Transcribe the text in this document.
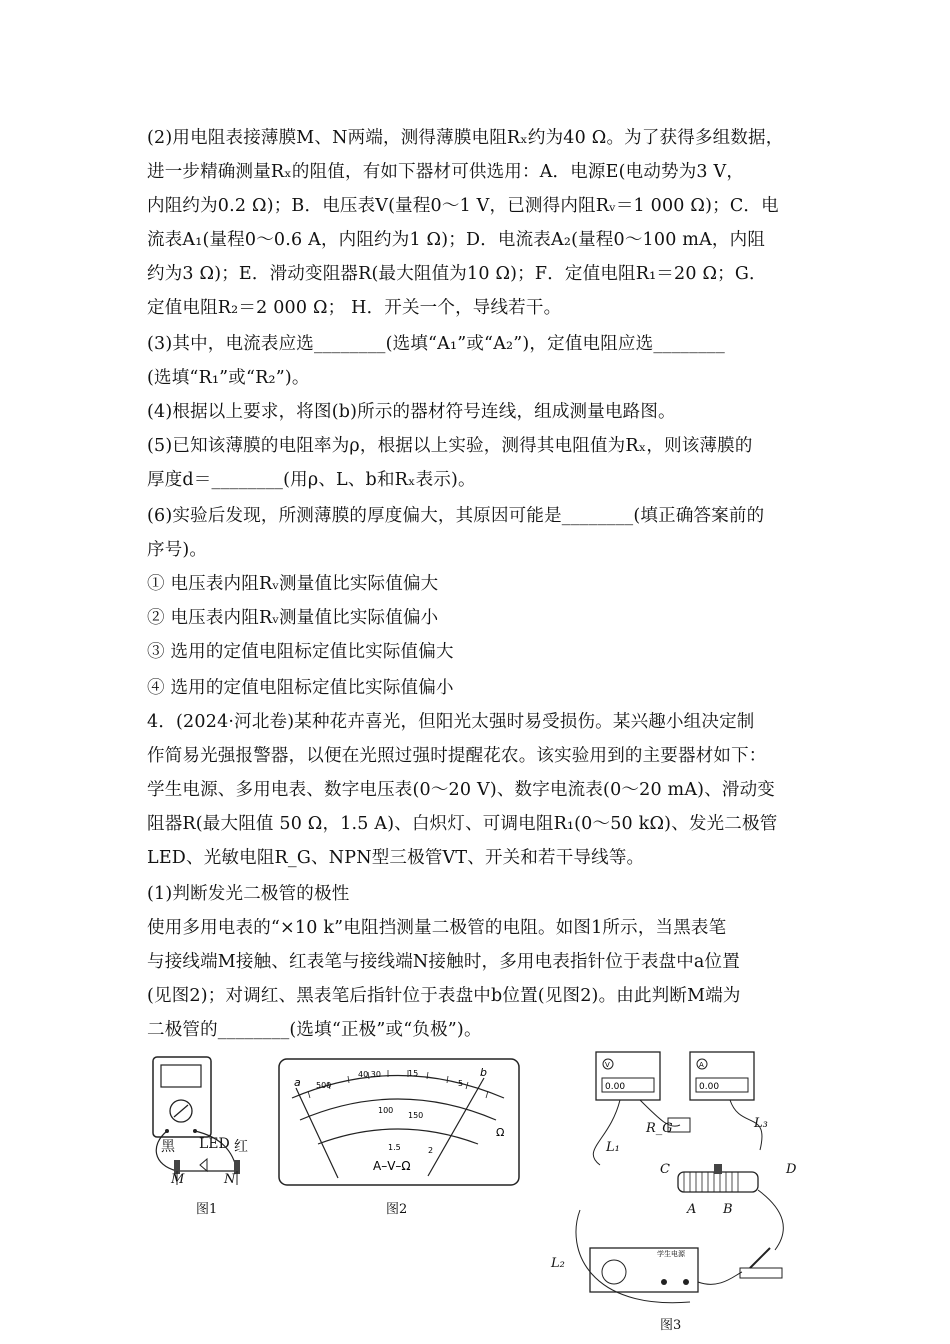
(2)用电阻表接薄膜M、N两端，测得薄膜电阻Rₓ约为40 Ω。为了获得多组数据，
进一步精确测量Rₓ的阻值，有如下器材可供选用：A．电源E(电动势为3 V，
内阻约为0.2 Ω)；B．电压表V(量程0～1 V，已测得内阻Rᵥ＝1 000 Ω)；C．电
流表A₁(量程0～0.6 A，内阻约为1 Ω)；D．电流表A₂(量程0～100 mA，内阻
约为3 Ω)；E．滑动变阻器R(最大阻值为10 Ω)；F．定值电阻R₁＝20 Ω；G．
定值电阻R₂＝2 000 Ω； H．开关一个，导线若干。
(3)其中，电流表应选________(选填“A₁”或“A₂”)，定值电阻应选________
(选填“R₁”或“R₂”)。
(4)根据以上要求，将图(b)所示的器材符号连线，组成测量电路图。
(5)已知该薄膜的电阻率为ρ，根据以上实验，测得其电阻值为Rₓ，则该薄膜的
厚度d＝________(用ρ、L、b和Rₓ表示)。
(6)实验后发现，所测薄膜的厚度偏大，其原因可能是________(填正确答案前的
序号)。
① 电压表内阻Rᵥ测量值比实际值偏大
② 电压表内阻Rᵥ测量值比实际值偏小
③ 选用的定值电阻标定值比实际值偏大
④ 选用的定值电阻标定值比实际值偏小
4．(2024·河北卷)某种花卉喜光，但阳光太强时易受损伤。某兴趣小组决定制
作简易光强报警器，以便在光照过强时提醒花农。该实验用到的主要器材如下：
学生电源、多用电表、数字电压表(0～20 V)、数字电流表(0～20 mA)、滑动变
阻器R(最大阻值 50 Ω，1.5 A)、白炽灯、可调电阻R₁(0～50 kΩ)、发光二极管
LED、光敏电阻R_G、NPN型三极管VT、开关和若干导线等。
(1)判断发光二极管的极性
使用多用电表的“×10 k”电阻挡测量二极管的电阻。如图1所示，当黑表笔
与接线端M接触、红表笔与接线端N接触时，多用电表指针位于表盘中a位置
(见图2)；对调红、黑表笔后指针位于表盘中b位置(见图2)。由此判断M端为
二极管的________(选填“正极”或“负极”)。
黑 LED 红
M	N
图1
a
b
A–V–Ω
Ω
500
40 30	15
5
100
150
1.5	2
图2
V
0.00
A
0.00
学生电源
L₁
R_G	L₃
C	D
A B
L₂
图3
